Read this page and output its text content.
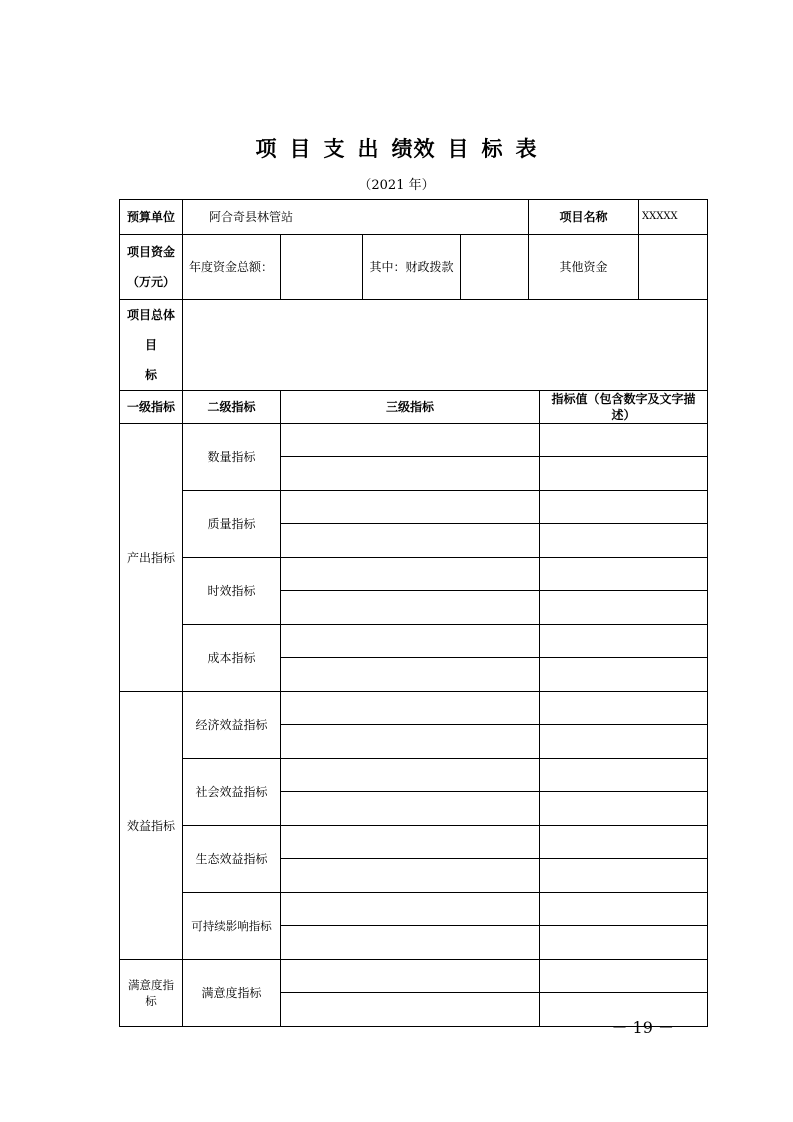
项 目 支 出 绩效 目 标 表
（2021 年）
预算单位	阿合奇县林管站				项目名称		XXXXX

项目资金
（万元）	年度资金总额：		其中：财政拨款		其他资金		

项目总体目
标							

一级指标	二级指标	三级指标				指标值（包含数字及文字描述）	
产出指标	数量指标						

	质量指标						

	时效指标						

	成本指标						

效益指标	经济效益指标						

	社会效益指标						

	生态效益指标						

	可持续影响指标						

满意度指标	满意度指标						

－ 19 －
